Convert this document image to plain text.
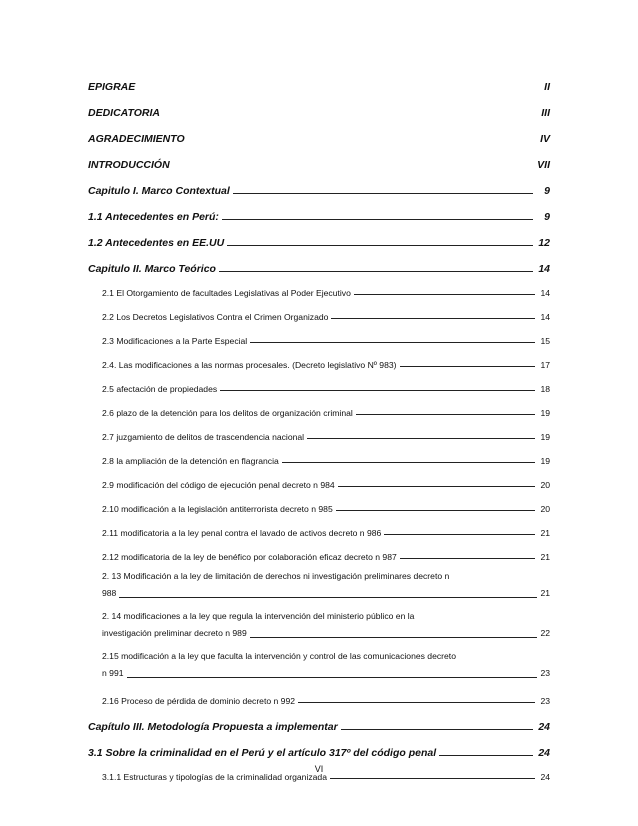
EPIGRAE	II
DEDICATORIA	III
AGRADECIMIENTO	IV
INTRODUCCIÓN	VII
Capitulo I. Marco Contextual	9
1.1 Antecedentes en Perú:	9
1.2 Antecedentes en EE.UU	12
Capitulo II. Marco Teórico	14
2.1 El Otorgamiento de facultades Legislativas al Poder Ejecutivo	14
2.2 Los Decretos Legislativos Contra el Crimen Organizado	14
2.3 Modificaciones a la Parte Especial	15
2.4. Las modificaciones a las normas procesales. (Decreto legislativo Nº 983)	17
2.5 afectación de propiedades	18
2.6 plazo de la detención para los delitos de organización criminal	19
2.7 juzgamiento de delitos de trascendencia nacional	19
2.8 la ampliación de la detención en flagrancia	19
2.9 modificación del código de ejecución penal decreto n 984	20
2.10 modificación a la legislación antiterrorista decreto n 985	20
2.11 modificatoria a la ley penal contra el lavado de activos decreto n 986	21
2.12 modificatoria de la ley de benéfico por colaboración eficaz decreto n 987	21
2. 13 Modificación a la ley de limitación de derechos ni investigación preliminares decreto n
988	21
2. 14 modificaciones a la ley que regula la intervención del ministerio público en la
investigación preliminar decreto n 989	22
2.15 modificación a la ley que faculta la intervención y control de las comunicaciones decreto
n 991	23
2.16 Proceso de pérdida de dominio decreto n 992	23
Capítulo III. Metodología Propuesta a implementar	24
3.1 Sobre la criminalidad en el Perú y el artículo 317º del código penal	24
3.1.1 Estructuras y tipologías de la criminalidad organizada	24
VI
